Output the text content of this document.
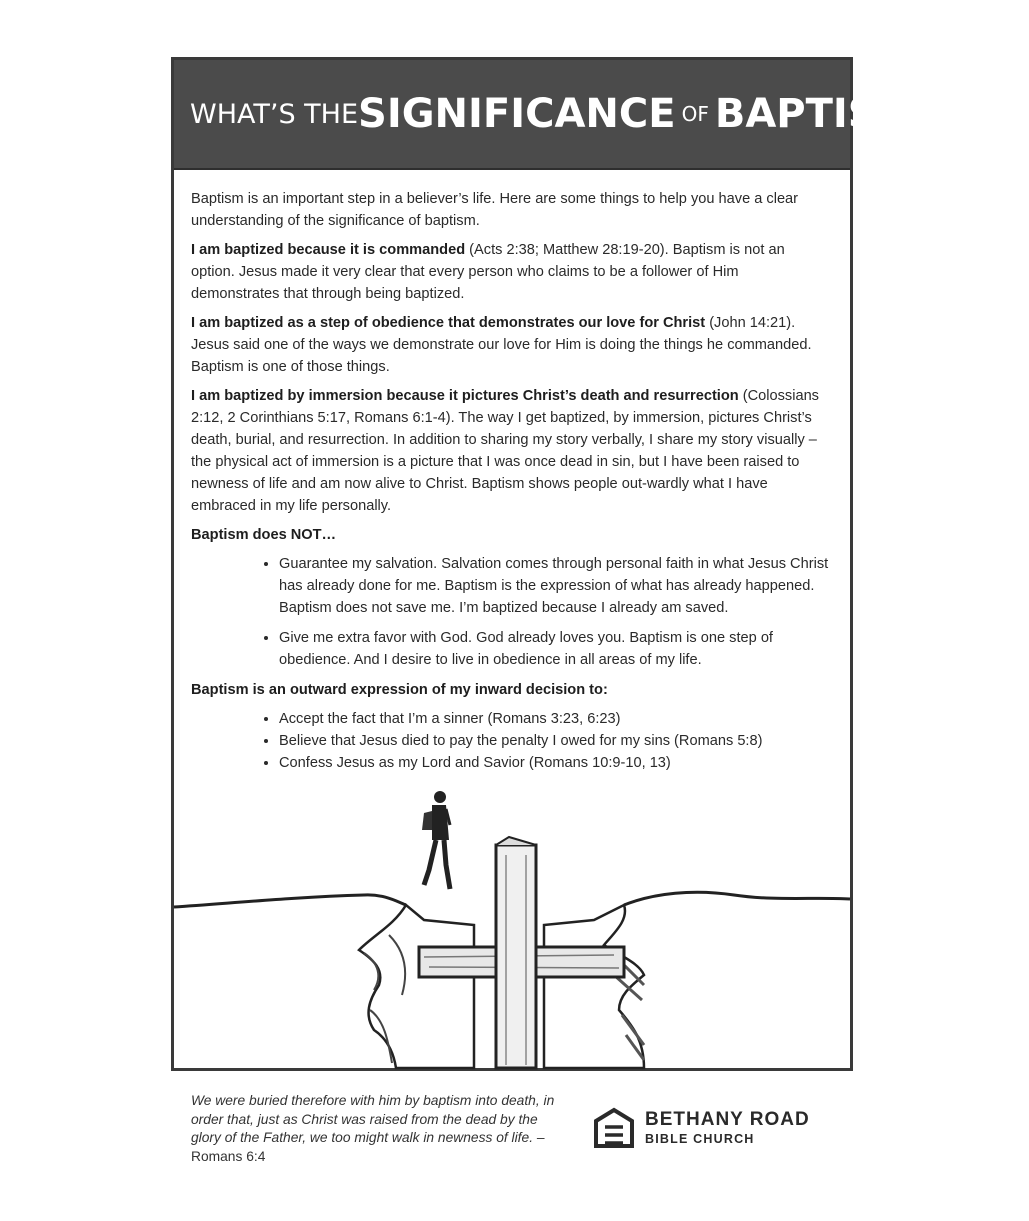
WHAT’S THE SIGNIFICANCE OF BAPTISM?

Baptism is an important step in a believer’s life. Here are some things to help you have a clear understanding of the significance of baptism.

I am baptized because it is commanded (Acts 2:38; Matthew 28:19-20). Baptism is not an option. Jesus made it very clear that every person who claims to be a follower of Him demonstrates that through being baptized.

I am baptized as a step of obedience that demonstrates our love for Christ (John 14:21). Jesus said one of the ways we demonstrate our love for Him is doing the things he commanded. Baptism is one of those things.

I am baptized by immersion because it pictures Christ’s death and resurrection (Colossians 2:12, 2 Corinthians 5:17, Romans 6:1-4). The way I get baptized, by immersion, pictures Christ’s death, burial, and resurrection. In addition to sharing my story verbally, I share my story visually – the physical act of immersion is a picture that I was once dead in sin, but I have been raised to newness of life and am now alive to Christ. Baptism shows people out-wardly what I have embraced in my life personally.

Baptism does NOT…

• Guarantee my salvation. Salvation comes through personal faith in what Jesus Christ has already done for me. Baptism is the expression of what has already happened. Baptism does not save me. I’m baptized because I already am saved.
• Give me extra favor with God. God already loves you. Baptism is one step of obedience. And I desire to live in obedience in all areas of my life.

Baptism is an outward expression of my inward decision to:

• Accept the fact that I’m a sinner (Romans 3:23, 6:23)
• Believe that Jesus died to pay the penalty I owed for my sins (Romans 5:8)
• Confess Jesus as my Lord and Savior (Romans 10:9-10, 13)
We were buried therefore with him by baptism into death, in order that, just as Christ was raised from the dead by the glory of the Father, we too might walk in newness of life. – Romans 6:4
BETHANY ROAD
BIBLE CHURCH
